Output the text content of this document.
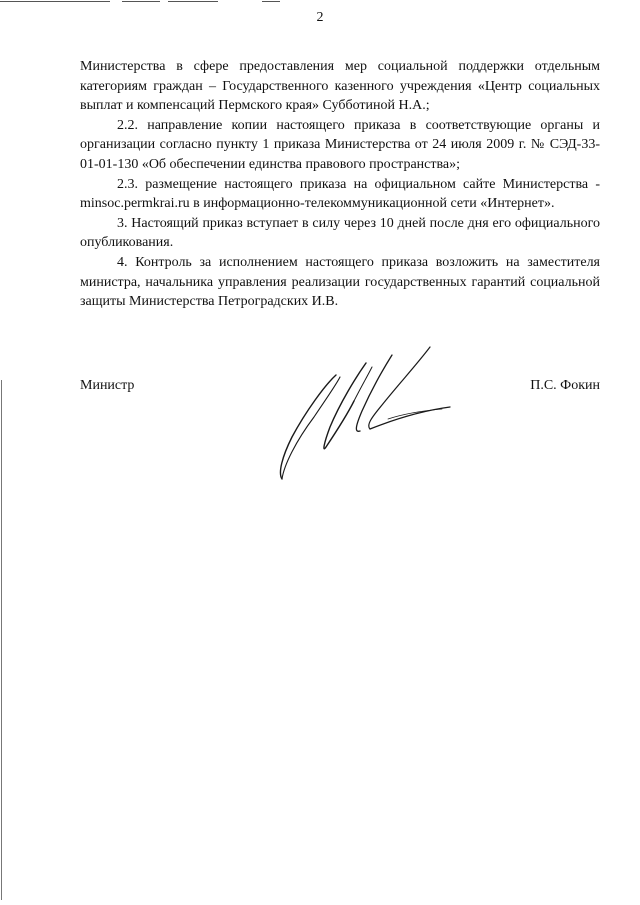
2

Министерства в сфере предоставления мер социальной поддержки отдельным категориям граждан – Государственного казенного учреждения «Центр социальных выплат и компенсаций Пермского края» Субботиной Н.А.;

2.2. направление копии настоящего приказа в соответствующие органы и организации согласно пункту 1 приказа Министерства от 24 июля 2009 г. № СЭД-33-01-01-130 «Об обеспечении единства правового пространства»;

2.3. размещение настоящего приказа на официальном сайте Министерства - minsoc.permkrai.ru в информационно-телекоммуникационной сети «Интернет».

3. Настоящий приказ вступает в силу через 10 дней после дня его официального опубликования.

4. Контроль за исполнением настоящего приказа возложить на заместителя министра, начальника управления реализации государственных гарантий социальной защиты Министерства Петроградских И.В.

Министр	П.С. Фокин
